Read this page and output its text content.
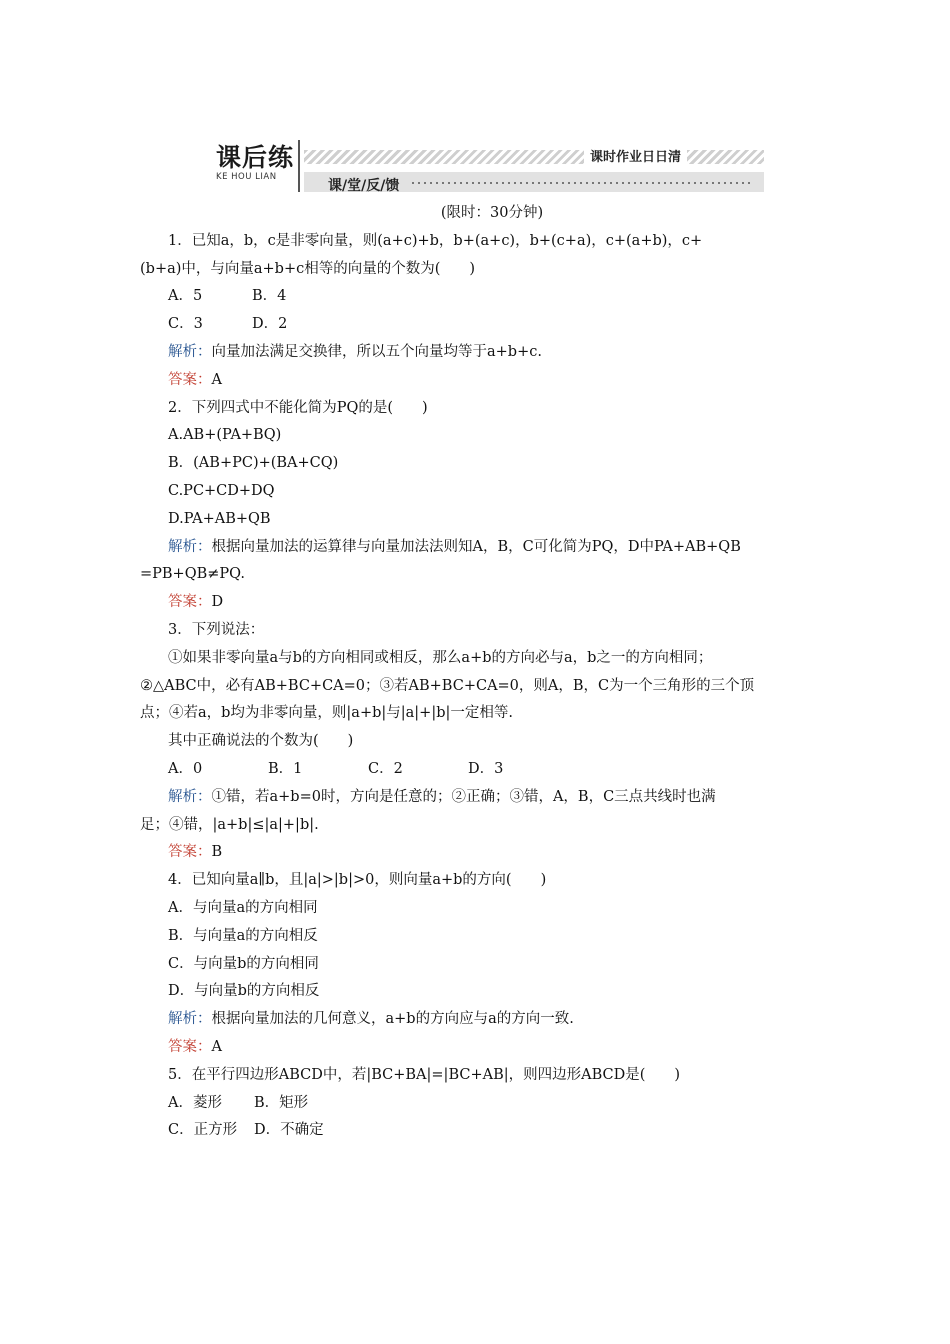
课后练
KE HOU LIAN
课时作业日日清
课/堂/反/馈
(限时：30分钟)
1．已知a，b，c是非零向量，则(a+c)+b，b+(a+c)，b+(c+a)，c+(a+b)，c+
(b+a)中，与向量a+b+c相等的向量的个数为(　　)
A．5	B．4
C．3	D．2
解析：向量加法满足交换律，所以五个向量均等于a+b+c.
答案：A
2．下列四式中不能化简为PQ的是(　　)
A.AB+(PA+BQ)
B．(AB+PC)+(BA+CQ)
C.PC+CD+DQ
D.PA+AB+QB
解析：根据向量加法的运算律与向量加法法则知A，B，C可化简为PQ，D中PA+AB+QB
=PB+QB≠PQ.
答案：D
3．下列说法：
①如果非零向量a与b的方向相同或相反，那么a+b的方向必与a，b之一的方向相同；
②△ABC中，必有AB+BC+CA=0；③若AB+BC+CA=0，则A，B，C为一个三角形的三个顶
点；④若a，b均为非零向量，则|a+b|与|a|+|b|一定相等.
其中正确说法的个数为(　　)
A．0	B．1	C．2	D．3
解析：①错，若a+b=0时，方向是任意的；②正确；③错，A，B，C三点共线时也满
足；④错，|a+b|≤|a|+|b|.
答案：B
4．已知向量a∥b，且|a|>|b|>0，则向量a+b的方向(　　)
A．与向量a的方向相同
B．与向量a的方向相反
C．与向量b的方向相同
D．与向量b的方向相反
解析：根据向量加法的几何意义，a+b的方向应与a的方向一致.
答案：A
5．在平行四边形ABCD中，若|BC+BA|=|BC+AB|，则四边形ABCD是(　　)
A．菱形 B．矩形
C．正方形 D．不确定
